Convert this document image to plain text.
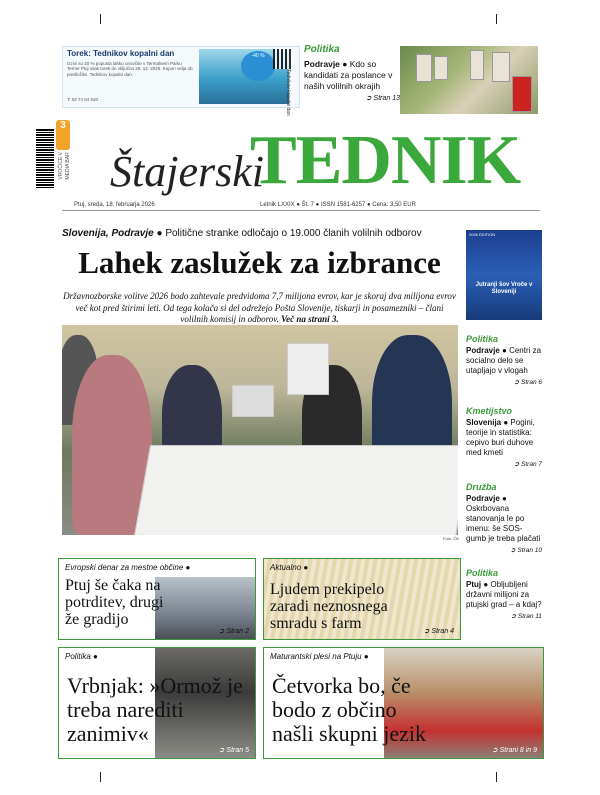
Torek: Tednikov kopalni dan
Izzivi so 40 % popusta lahko unovčite v Termalnem Parku Terme Ptuj vsak torek do vključno 29. 12. 2026. Kupon velja ob predložitvi. Tednikov kopalni dan.
-40 %
Tednikov kopalni dan
T: 02 74 94 520
Politika
Podravje ● Kdo so kandidati za poslance v naših volilnih okrajih
➲ Stran 13
3
VROČICE V MEDIA BAR Štajerski
TEDNIK
Ptuj, sreda, 18. februarja 2026	Letnik LXXIX ● Št. 7 ● ISSN 1581-6257 ● Cena: 3,50 EUR
Slovenija, Podravje ● Politične stranke odločajo o 19.000 članih volilnih odborov
Lahek zaslužek za izbrance
Državnozborske volitve 2026 bodo zahtevale predvidoma 7,7 milijona evrov, kar je skoraj dva milijona evrov več kot pred štirimi leti. Od tega kolača si del odrežejo Pošta Slovenije, tiskarji in posamezniki – člani volilnih komisij in odborov. Več na strani 3.
Foto: ČB
2026 EDITION
Jutranji šov Vroče v Sloveniji
Politika
Podravje ● Centri za socialno delo se utapljajo v vlogah
➲ Stran 6
Kmetijstvo
Slovenija ● Pogini, teorije in statistika: cepivo buri duhove med kmeti
➲ Stran 7
Družba
Podravje ● Oskrbovana stanovanja le po imenu: še SOS-gumb je treba plačati
➲ Stran 10
Politika
Ptuj ● Obljubljeni državni milijoni za ptujski grad – a kdaj?
➲ Stran 11
Evropski denar za mestne občine ●
Ptuj še čaka na potrditev, drugi že gradijo
➲ Stran 2
Aktualno ●
Ljudem prekipelo zaradi neznosnega smradu s farm	➲ Stran 4
Politika ●
Vrbnjak: »Ormož je treba narediti zanimiv«
➲ Stran 5
Maturantski plesi na Ptuju ●
Četvorka bo, če bodo z občino našli skupni jezik
➲ Strani 8 in 9
